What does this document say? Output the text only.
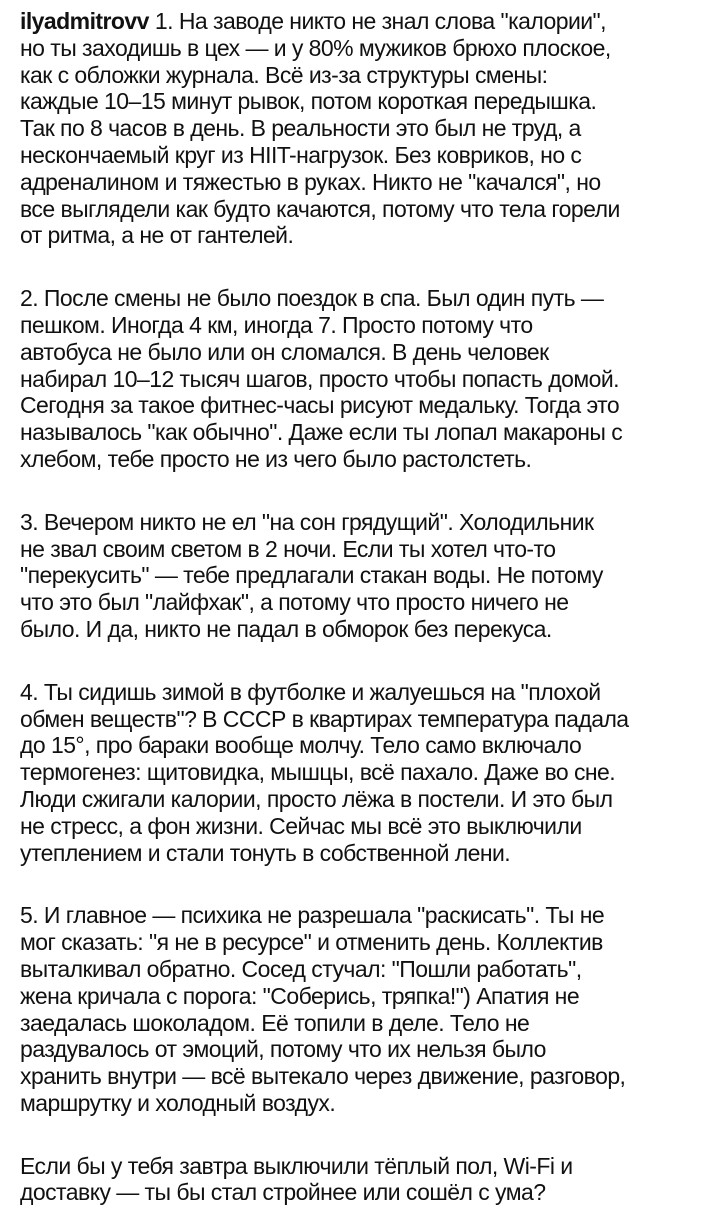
ilyadmitrovv 1. На заводе никто не знал слова "калории",
но ты заходишь в цех — и у 80% мужиков брюхо плоское,
как с обложки журнала. Всё из-за структуры смены:
каждые 10–15 минут рывок, потом короткая передышка.
Так по 8 часов в день. В реальности это был не труд, а
нескончаемый круг из HIIT-нагрузок. Без ковриков, но с
адреналином и тяжестью в руках. Никто не "качался", но
все выглядели как будто качаются, потому что тела горели
от ритма, а не от гантелей.
2. После смены не было поездок в спа. Был один путь —
пешком. Иногда 4 км, иногда 7. Просто потому что
автобуса не было или он сломался. В день человек
набирал 10–12 тысяч шагов, просто чтобы попасть домой.
Сегодня за такое фитнес-часы рисуют медальку. Тогда это
называлось "как обычно". Даже если ты лопал макароны с
хлебом, тебе просто не из чего было растолстеть.
3. Вечером никто не ел "на сон грядущий". Холодильник
не звал своим светом в 2 ночи. Если ты хотел что-то
"перекусить" — тебе предлагали стакан воды. Не потому
что это был "лайфхак", а потому что просто ничего не
было. И да, никто не падал в обморок без перекуса.
4. Ты сидишь зимой в футболке и жалуешься на "плохой
обмен веществ"? В СССР в квартирах температура падала
до 15°, про бараки вообще молчу. Тело само включало
термогенез: щитовидка, мышцы, всё пахало. Даже во сне.
Люди сжигали калории, просто лёжа в постели. И это был
не стресс, а фон жизни. Сейчас мы всё это выключили
утеплением и стали тонуть в собственной лени.
5. И главное — психика не разрешала "раскисать". Ты не
мог сказать: "я не в ресурсе" и отменить день. Коллектив
выталкивал обратно. Сосед стучал: "Пошли работать",
жена кричала с порога: "Соберись, тряпка!") Апатия не
заедалась шоколадом. Её топили в деле. Тело не
раздувалось от эмоций, потому что их нельзя было
хранить внутри — всё вытекало через движение, разговор,
маршрутку и холодный воздух.
Если бы у тебя завтра выключили тёплый пол, Wi-Fi и
доставку — ты бы стал стройнее или сошёл с ума?
